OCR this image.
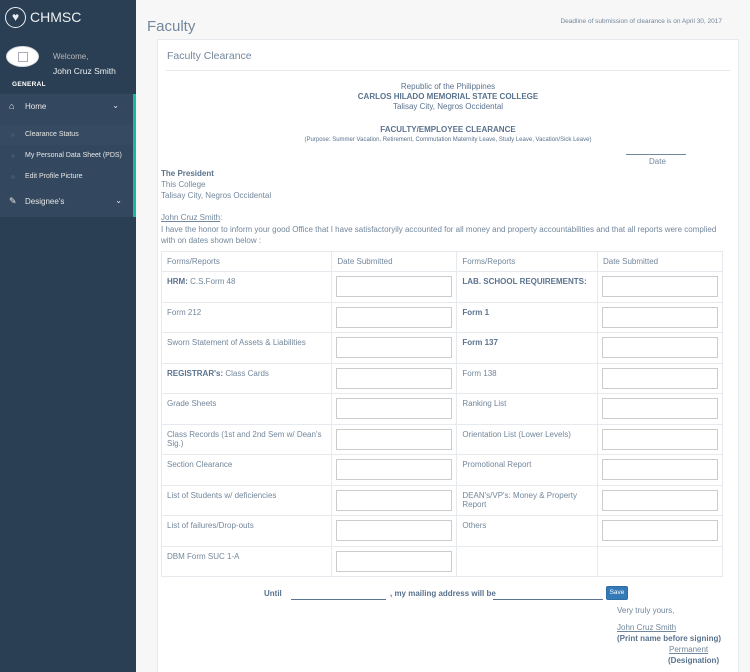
♥ CHMSC
Welcome,
John Cruz Smith
GENERAL
⌂	Home	⌄
Clearance Status
My Personal Data Sheet (PDS)
Edit Profile Picture
✎	Designee's	⌄
Faculty	Deadline of submission of clearance is on April 30, 2017
Faculty Clearance
Republic of the Philippines
CARLOS HILADO MEMORIAL STATE COLLEGE
Talisay City, Negros Occidental
FACULTY/EMPLOYEE CLEARANCE
(Purpose: Summer Vacation, Retirement, Commutation Maternity Leave, Study Leave, Vacation/Sick Leave)
Date
The President
This College
Talisay City, Negros Occidental
John Cruz Smith:
I have the honor to inform your good Office that I have satisfactoryily accounted for all money and property accountabilities and that all reports were complied with on dates shown below :
Forms/Reports	Date Submitted	Forms/Reports	Date Submitted
HRM: C.S.Form 48		LAB. SCHOOL REQUIREMENTS:	

Form 212		Form 1	

Sworn Statement of Assets & Liabilities		Form 137	

REGISTRAR's: Class Cards		Form 138	

Grade Sheets		Ranking List	

Class Records (1st and 2nd Sem w/ Dean's Sig.)		Orientation List (Lower Levels)	

Section Clearance		Promotional Report	

List of Students w/ deficiencies		DEAN's/VP's: Money & Property Report	

List of failures/Drop-outs		Others	

DBM Form SUC 1-A	

Until	, my mailing address will be	Save
Very truly yours,
John Cruz Smith
(Print name before signing)
Permanent
(Designation)
